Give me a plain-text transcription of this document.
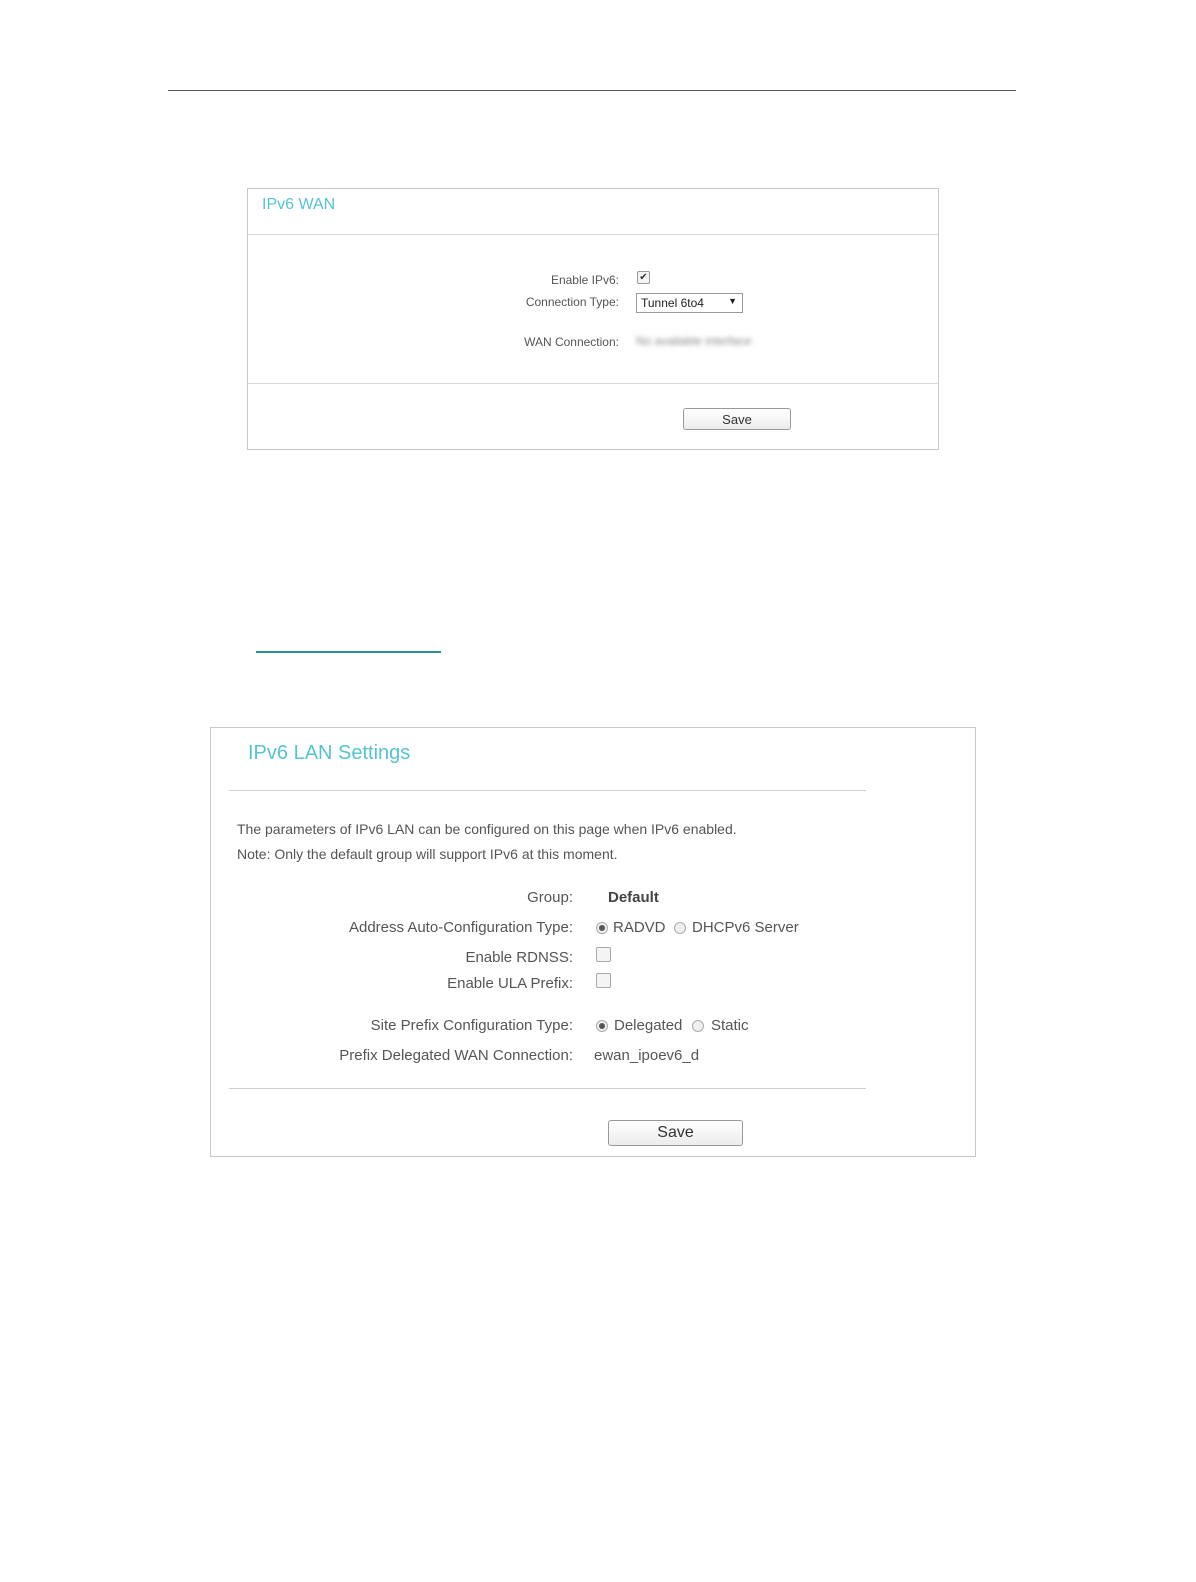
IPv6 WAN
Enable IPv6: ✔
Connection Type:	Tunnel 6to4	▼
WAN Connection: No available interface
Save
IPv6 LAN Settings
The parameters of IPv6 LAN can be configured on this page when IPv6 enabled.
Note: Only the default group will support IPv6 at this moment.
Group: Default
Address Auto-Configuration Type:	RADVD DHCPv6 Server
Enable RDNSS:
Enable ULA Prefix:
Site Prefix Configuration Type:	Delegated Static
Prefix Delegated WAN Connection: ewan_ipoev6_d
Save
